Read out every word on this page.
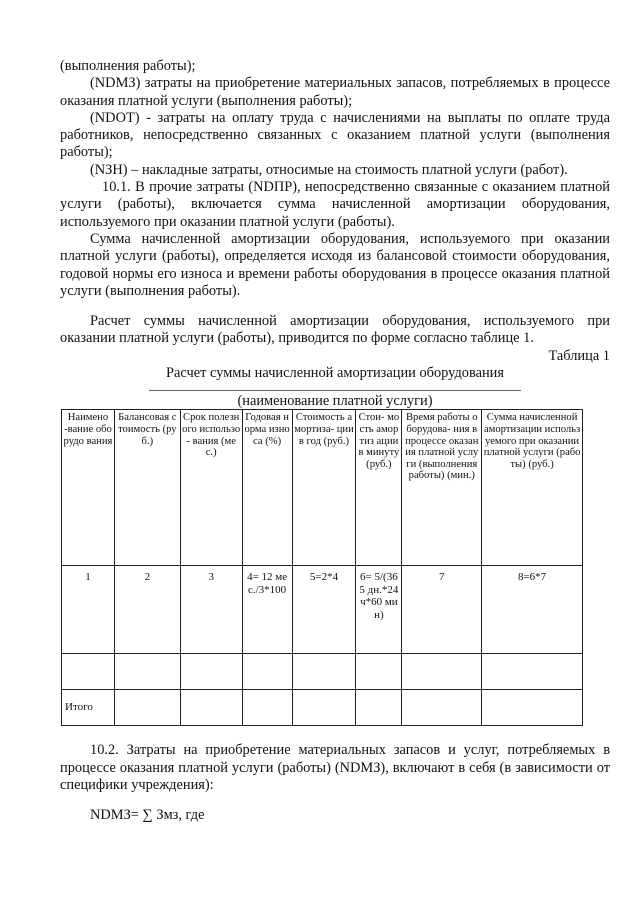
(выполнения работы);

(NDМЗ) затраты на приобретение материальных запасов, потребляемых в процессе оказания платной услуги (выполнения работы);

(NDОТ) - затраты на оплату труда с начислениями на выплаты по оплате труда работников, непосредственно связанных с оказанием платной услуги (выполнения работы);

(NЗН) – накладные затраты, относимые на стоимость платной услуги (работ).

10.1. В прочие затраты (NDПР), непосредственно связанные с оказанием платной услуги (работы), включается сумма начисленной амортизации оборудования, используемого при оказании платной услуги (работы).

Сумма начисленной амортизации оборудования, используемого при оказании платной услуги (работы), определяется исходя из балансовой стоимости оборудования, годовой нормы его износа и времени работы оборудования в процессе оказания платной услуги (выполнения работы).

Расчет суммы начисленной амортизации оборудования, используемого при оказании платной услуги (работы), приводится по форме согласно таблице 1.

Таблица 1

Расчет суммы начисленной амортизации оборудования

(наименование платной услуги)

Наимено -вание оборудо вания	Балансовая стоимость (руб.)	Срок полезного использо- вания (мес.)	Годовая норма износа (%)	Стоимость амортиза- ции в год (руб.)	Стои- мость амортиз ации в минуту (руб.)	Время работы оборудова- ния в процессе оказания платной услуги (выполнения работы) (мин.)	Сумма начисленной амортизации используемого при оказании платной услуги (работы) (руб.)
1	2	3	4= 12 мес./3*100	5=2*4	6= 5/(365 дн.*24 ч*60 мин)	7	8=6*7

Итого							

10.2. Затраты на приобретение материальных запасов и услуг, потребляемых в процессе оказания платной услуги (работы) (NDМЗ), включают в себя (в зависимости от специфики учреждения):

NDМЗ= ∑ Змз, где
